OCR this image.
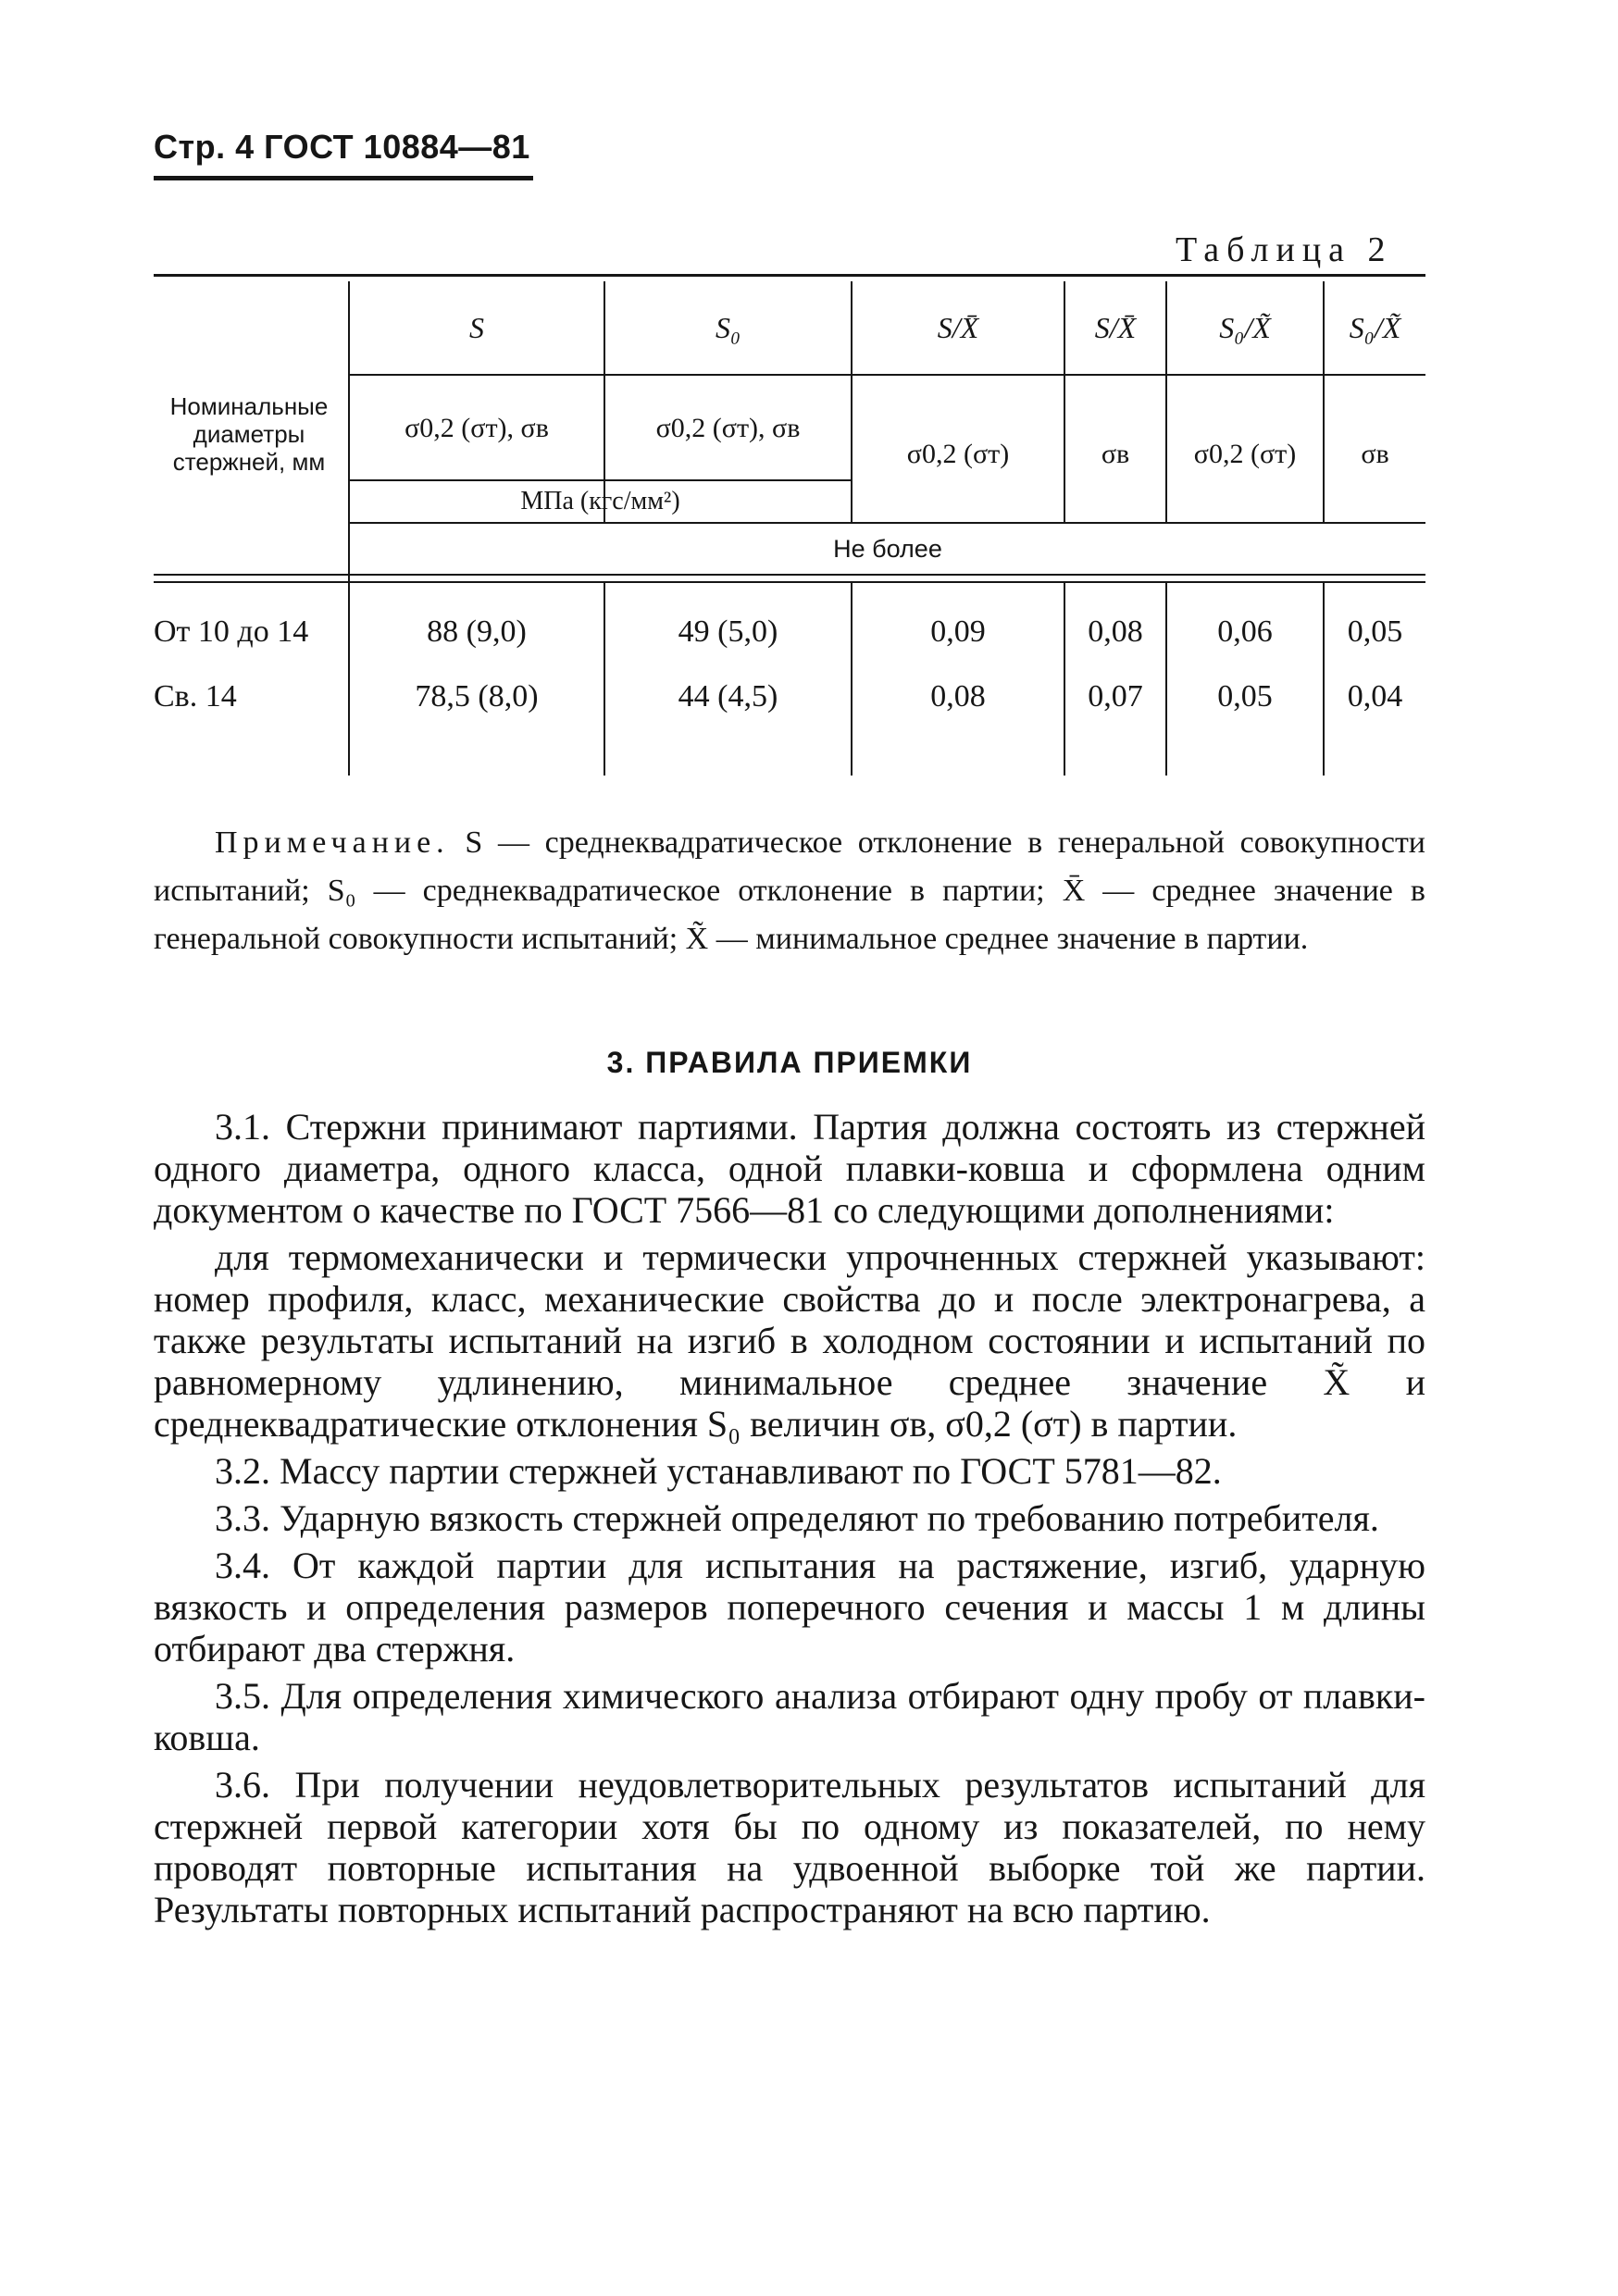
Стр. 4 ГОСТ 10884—81
Таблица 2
Номинальные диаметры стержней, мм
S	S₀	S/X̄	S/X̄	S₀/X̃	S₀/X̃
σ0,2 (σт), σв	σ0,2 (σт), σв
σ0,2 (σт)	σв	σ0,2 (σт)	σв
МПа (кгс/мм²)
Не более
От 10 до 14	88 (9,0)	49 (5,0)	0,09	0,08	0,06	0,05
Св. 14	78,5 (8,0)	44 (4,5)	0,08	0,07	0,05	0,04
Примечание. S — среднеквадратическое отклонение в генеральной совокупности испытаний; S₀ — среднеквадратическое отклонение в партии; X̄ — среднее значение в генеральной совокупности испытаний; X̃ — минимальное среднее значение в партии.
3. ПРАВИЛА ПРИЕМКИ

3.1. Стержни принимают партиями. Партия должна состоять из стержней одного диаметра, одного класса, одной плавки-ковша и сформлена одним документом о качестве по ГОСТ 7566—81 со следующими дополнениями:

для термомеханически и термически упрочненных стержней указывают: номер профиля, класс, механические свойства до и после электронагрева, а также результаты испытаний на изгиб в холодном состоянии и испытаний по равномерному удлинению, минимальное среднее значение X̃ и среднеквадратические отклонения S₀ величин σв, σ0,2 (σт) в партии.

3.2. Массу партии стержней устанавливают по ГОСТ 5781—82.

3.3. Ударную вязкость стержней определяют по требованию потребителя.

3.4. От каждой партии для испытания на растяжение, изгиб, ударную вязкость и определения размеров поперечного сечения и массы 1 м длины отбирают два стержня.

3.5. Для определения химического анализа отбирают одну пробу от плавки-ковша.

3.6. При получении неудовлетворительных результатов испытаний для стержней первой категории хотя бы по одному из показателей, по нему проводят повторные испытания на удвоенной выборке той же партии. Результаты повторных испытаний распространяют на всю партию.
